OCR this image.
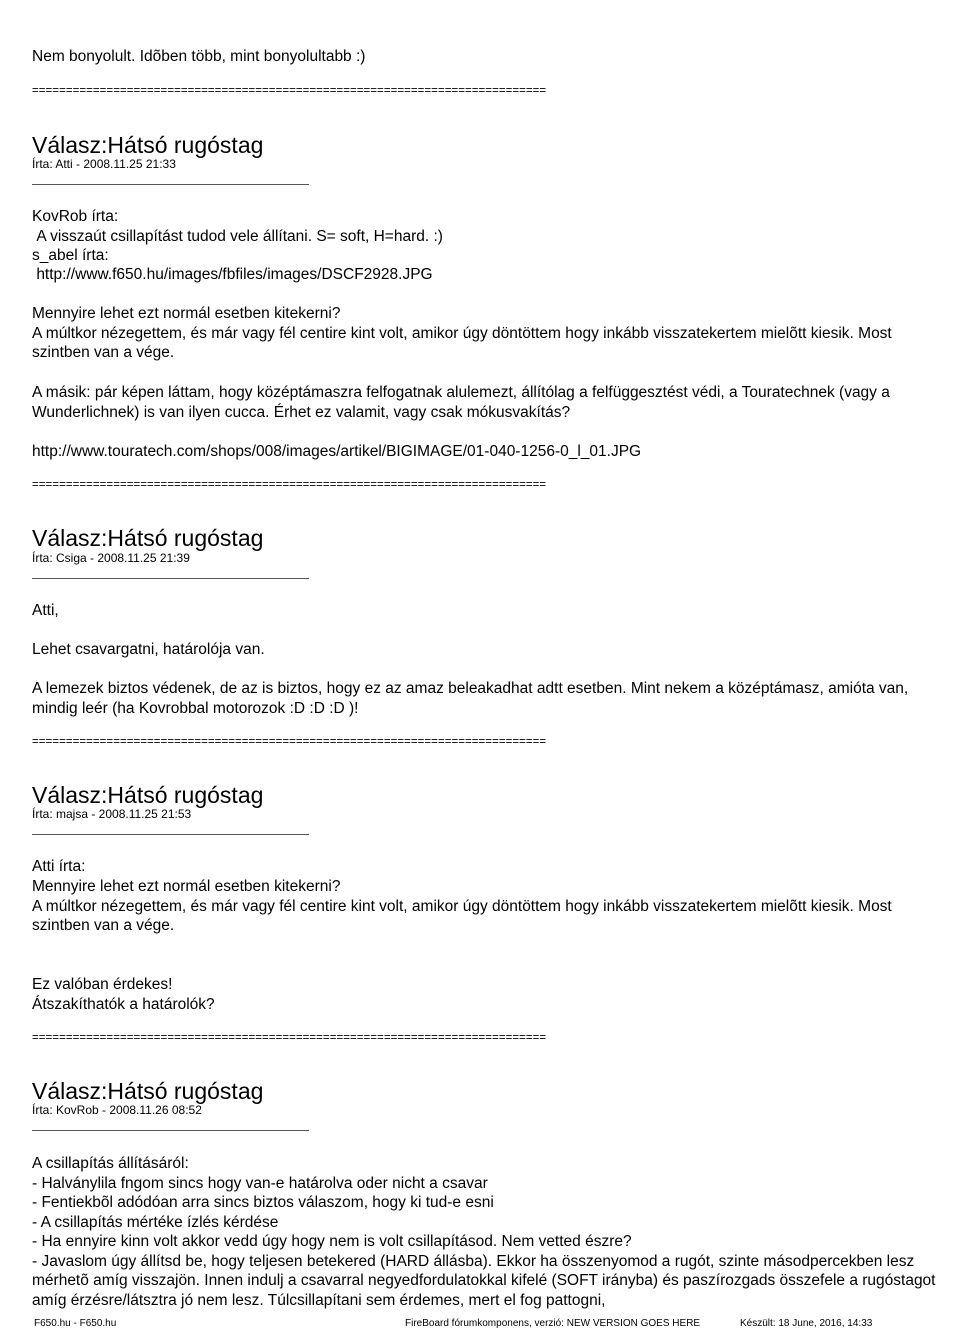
Nem bonyolult. Idõben több, mint bonyolultabb :)
============================================================================
Válasz:Hátsó rugóstag
Írta: Atti - 2008.11.25 21:33
KovRob írta:
A visszaút csillapítást tudod vele állítani. S= soft, H=hard. :)
s_abel írta:
http://www.f650.hu/images/fbfiles/images/DSCF2928.JPG
Mennyire lehet ezt normál esetben kitekerni?
A múltkor nézegettem, és már vagy fél centire kint volt, amikor úgy döntöttem hogy inkább visszatekertem mielõtt kiesik. Most szintben van a vége.
A másik: pár képen láttam, hogy középtámaszra felfogatnak alulemezt, állítólag a felfüggesztést védi, a Touratechnek (vagy a Wunderlichnek) is van ilyen cucca. Érhet ez valamit, vagy csak mókusvakítás?
http://www.touratech.com/shops/008/images/artikel/BIGIMAGE/01-040-1256-0_l_01.JPG
============================================================================
Válasz:Hátsó rugóstag
Írta: Csiga - 2008.11.25 21:39
Atti,
Lehet csavargatni, határolója van.
A lemezek biztos védenek, de az is biztos, hogy ez az amaz beleakadhat adtt esetben. Mint nekem a középtámasz, amióta van, mindig leér (ha Kovrobbal motorozok :D :D :D )!
============================================================================
Válasz:Hátsó rugóstag
Írta: majsa - 2008.11.25 21:53
Atti írta:
Mennyire lehet ezt normál esetben kitekerni?
A múltkor nézegettem, és már vagy fél centire kint volt, amikor úgy döntöttem hogy inkább visszatekertem mielõtt kiesik. Most szintben van a vége.
Ez valóban érdekes!
Átszakíthatók a határolók?
============================================================================
Válasz:Hátsó rugóstag
Írta: KovRob - 2008.11.26 08:52
A csillapítás állításáról:
- Halványlila fngom sincs hogy van-e határolva oder nicht a csavar
- Fentiekbõl adódóan arra sincs biztos válaszom, hogy ki tud-e esni
- A csillapítás mértéke ízlés kérdése
- Ha ennyire kinn volt akkor vedd úgy hogy nem is volt csillapításod. Nem vetted észre?
- Javaslom úgy állítsd be, hogy teljesen betekered (HARD állásba). Ekkor ha összenyomod a rugót, szinte másodpercekben lesz mérhetõ amíg visszajön. Innen indulj a csavarral negyedfordulatokkal kifelé (SOFT irányba) és paszírozgads összefele a rugóstagot amíg érzésre/látsztra jó nem lesz. Túlcsillapítani sem érdemes, mert el fog pattogni,
F650.hu - F650.hu	FireBoard fórumkomponens, verzió: NEW VERSION GOES HERE	Készült: 18 June, 2016, 14:33
